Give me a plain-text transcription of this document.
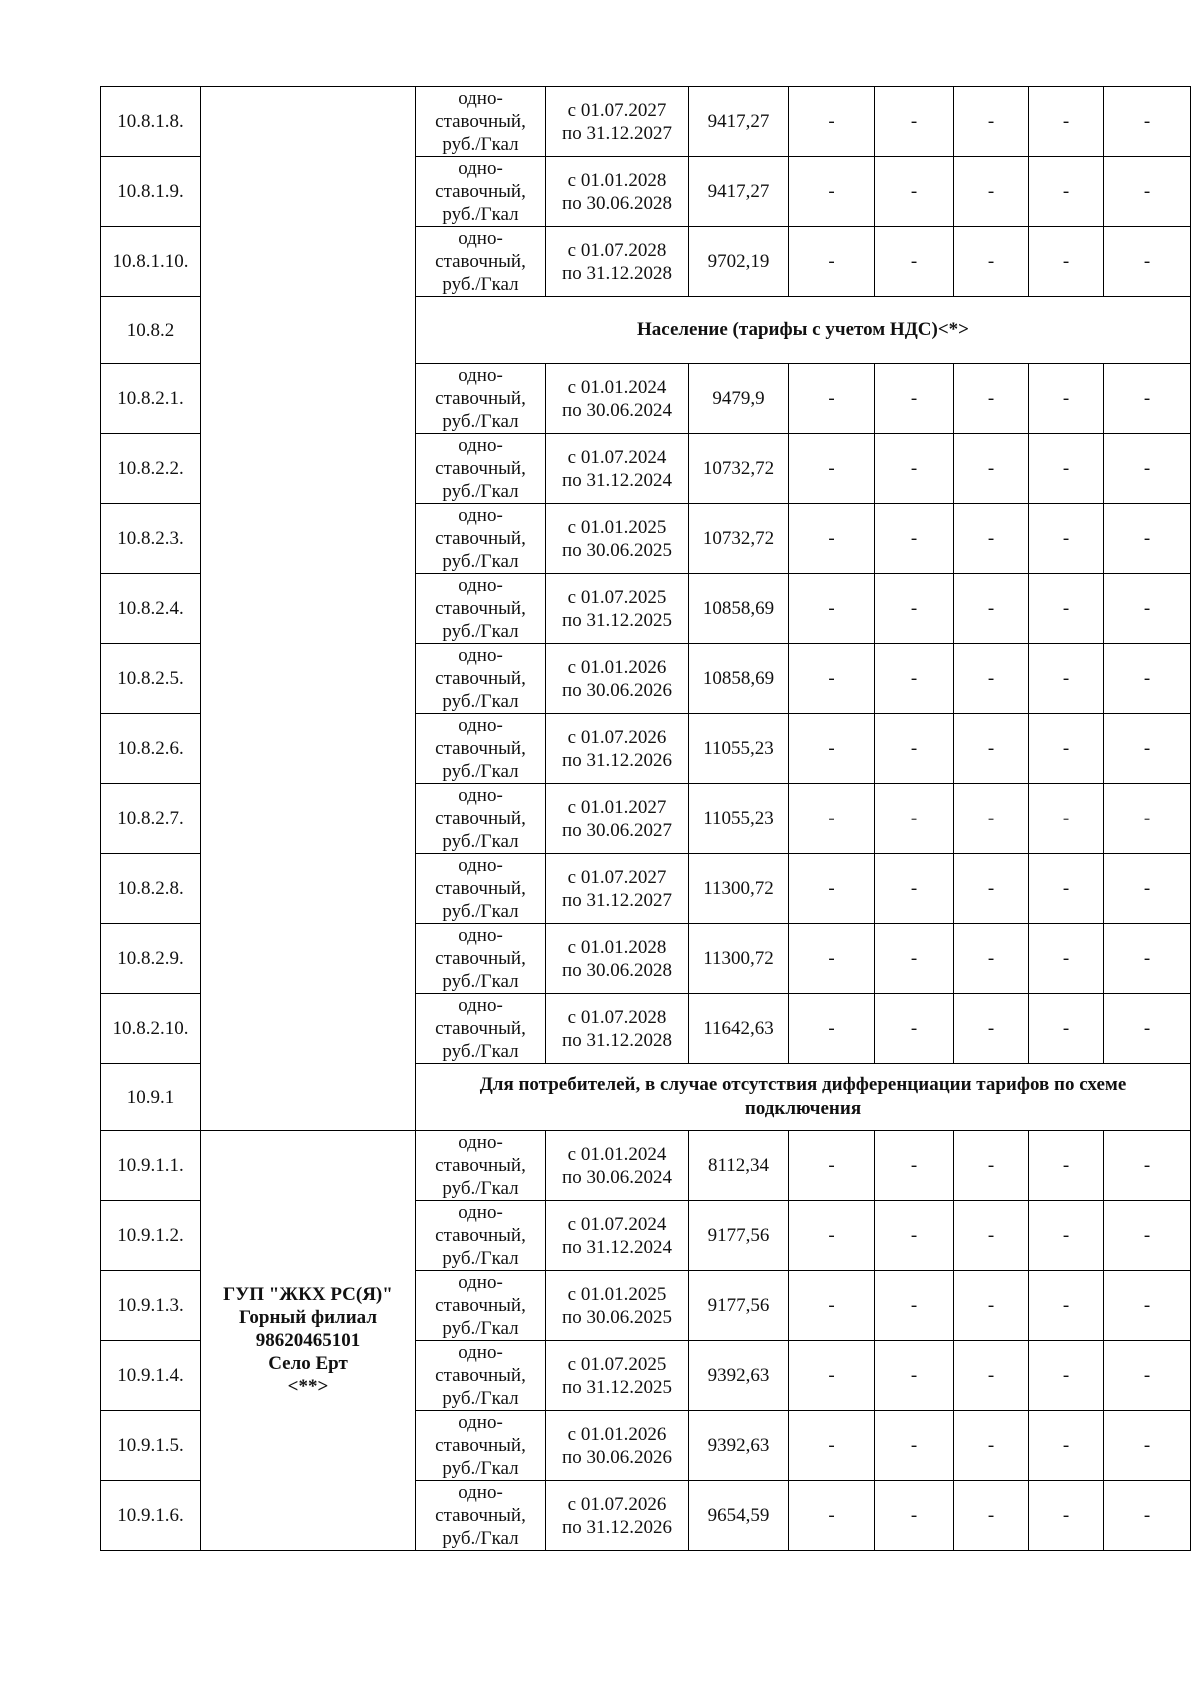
10.8.1.8.		одно-
ставочный,
руб./Гкал	с 01.07.2027
по 31.12.2027	9417,27	-	-	-	-	-
10.8.1.9.		одно-
ставочный,
руб./Гкал	с 01.01.2028
по 30.06.2028	9417,27	-	-	-	-	-
10.8.1.10.		одно-
ставочный,
руб./Гкал	с 01.07.2028
по 31.12.2028	9702,19	-	-	-	-	-
10.8.2		Население (тарифы с учетом НДС)<*>							
10.8.2.1.		одно-
ставочный,
руб./Гкал	с 01.01.2024
по 30.06.2024	9479,9	-	-	-	-	-
10.8.2.2.		одно-
ставочный,
руб./Гкал	с 01.07.2024
по 31.12.2024	10732,72	-	-	-	-	-
10.8.2.3.		одно-
ставочный,
руб./Гкал	с 01.01.2025
по 30.06.2025	10732,72	-	-	-	-	-
10.8.2.4.		одно-
ставочный,
руб./Гкал	с 01.07.2025
по 31.12.2025	10858,69	-	-	-	-	-
10.8.2.5.		одно-
ставочный,
руб./Гкал	с 01.01.2026
по 30.06.2026	10858,69	-	-	-	-	-
10.8.2.6.		одно-
ставочный,
руб./Гкал	с 01.07.2026
по 31.12.2026	11055,23	-	-	-	-	-
10.8.2.7.		одно-
ставочный,
руб./Гкал	с 01.01.2027
по 30.06.2027	11055,23	-	-	-	-	-
10.8.2.8.		одно-
ставочный,
руб./Гкал	с 01.07.2027
по 31.12.2027	11300,72	-	-	-	-	-
10.8.2.9.		одно-
ставочный,
руб./Гкал	с 01.01.2028
по 30.06.2028	11300,72	-	-	-	-	-
10.8.2.10.		одно-
ставочный,
руб./Гкал	с 01.07.2028
по 31.12.2028	11642,63	-	-	-	-	-
10.9.1		Для потребителей, в случае отсутствия дифференциации тарифов по схеме подключения							
10.9.1.1.	ГУП "ЖКХ РС(Я)"
Горный филиал
98620465101
Село Ерт
<**>	одно-
ставочный,
руб./Гкал	с 01.01.2024
по 30.06.2024	8112,34	-	-	-	-	-
10.9.1.2.		одно-
ставочный,
руб./Гкал	с 01.07.2024
по 31.12.2024	9177,56	-	-	-	-	-
10.9.1.3.		одно-
ставочный,
руб./Гкал	с 01.01.2025
по 30.06.2025	9177,56	-	-	-	-	-
10.9.1.4.		одно-
ставочный,
руб./Гкал	с 01.07.2025
по 31.12.2025	9392,63	-	-	-	-	-
10.9.1.5.		одно-
ставочный,
руб./Гкал	с 01.01.2026
по 30.06.2026	9392,63	-	-	-	-	-
10.9.1.6.		одно-
ставочный,
руб./Гкал	с 01.07.2026
по 31.12.2026	9654,59	-	-	-	-	-
